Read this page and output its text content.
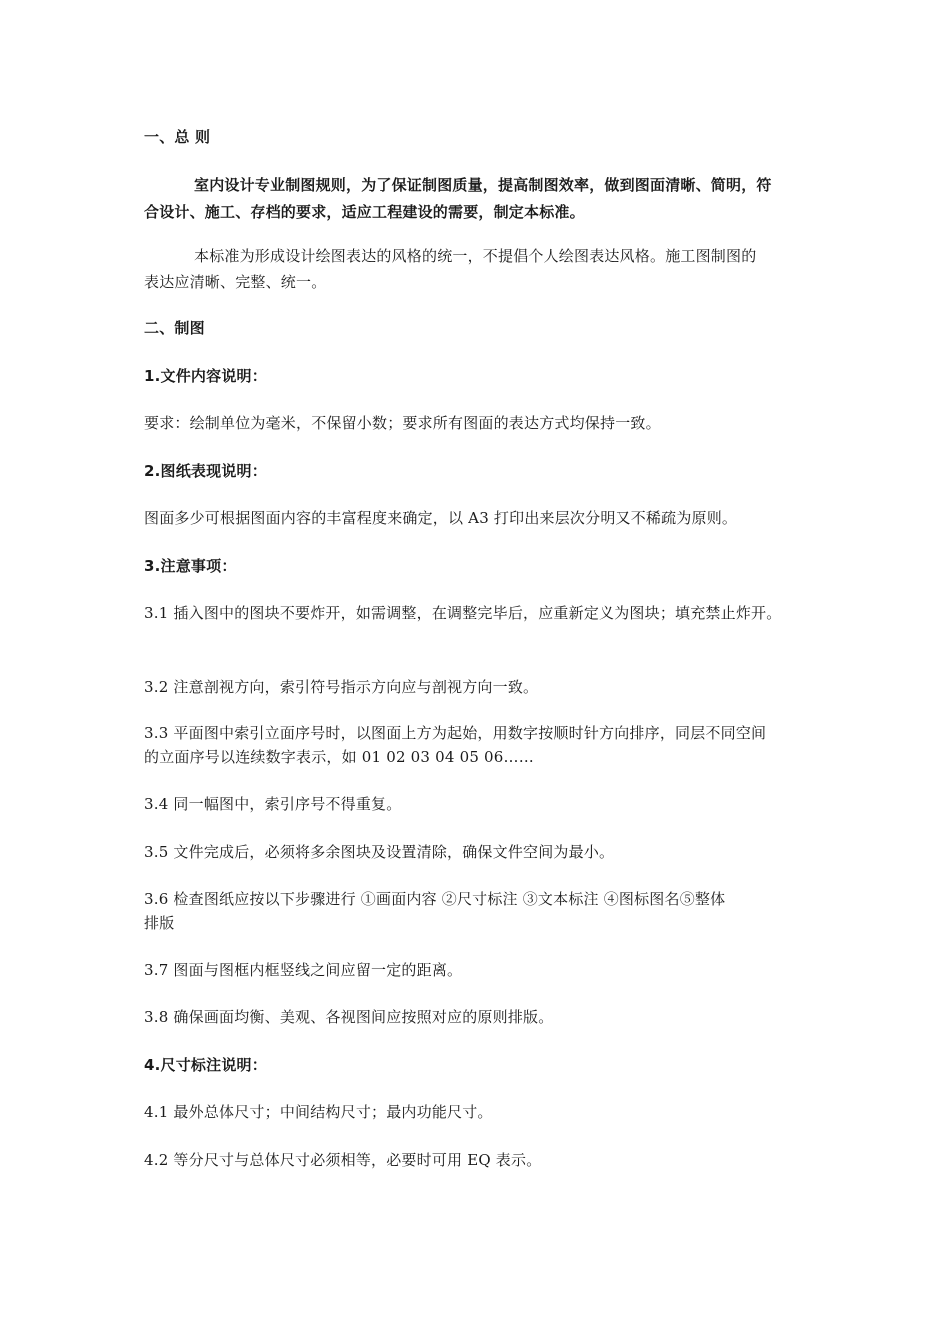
一、总 则
室内设计专业制图规则，为了保证制图质量，提高制图效率，做到图面清晰、简明，符
合设计、施工、存档的要求，适应工程建设的需要，制定本标准。
本标准为形成设计绘图表达的风格的统一，不提倡个人绘图表达风格。施工图制图的
表达应清晰、完整、统一。
二、制图
1.文件内容说明：
要求：绘制单位为毫米，不保留小数；要求所有图面的表达方式均保持一致。
2.图纸表现说明：
图面多少可根据图面内容的丰富程度来确定，以 A3 打印出来层次分明又不稀疏为原则。
3.注意事项：
3.1 插入图中的图块不要炸开，如需调整，在调整完毕后，应重新定义为图块；填充禁止炸开。
3.2 注意剖视方向，索引符号指示方向应与剖视方向一致。
3.3 平面图中索引立面序号时，以图面上方为起始，用数字按顺时针方向排序，同层不同空间
的立面序号以连续数字表示，如 01 02 03 04 05 06……
3.4 同一幅图中，索引序号不得重复。
3.5 文件完成后，必须将多余图块及设置清除，确保文件空间为最小。
3.6 检查图纸应按以下步骤进行 ①画面内容 ②尺寸标注 ③文本标注 ④图标图名⑤整体
排版
3.7 图面与图框内框竖线之间应留一定的距离。
3.8 确保画面均衡、美观、各视图间应按照对应的原则排版。
4.尺寸标注说明：
4.1 最外总体尺寸；中间结构尺寸；最内功能尺寸。
4.2 等分尺寸与总体尺寸必须相等，必要时可用 EQ 表示。
